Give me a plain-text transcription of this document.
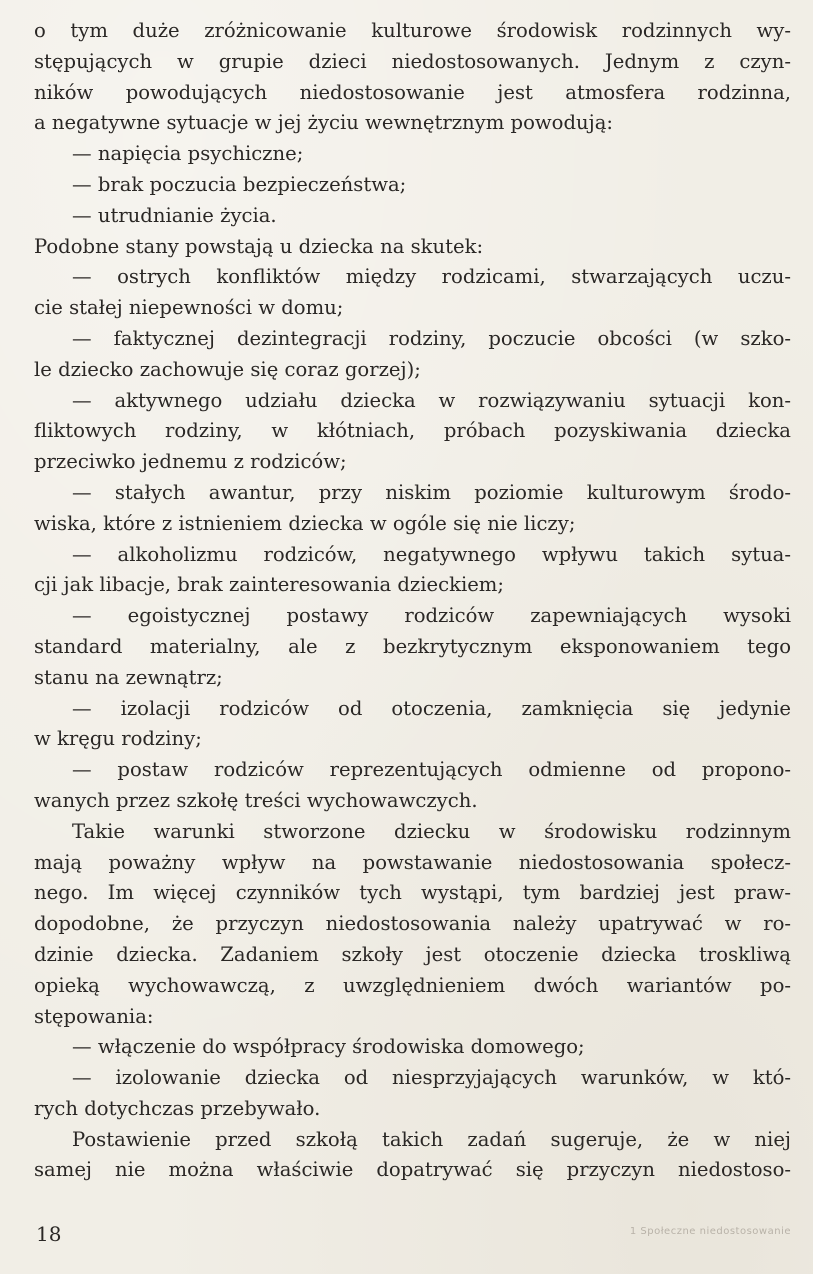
o tym duże zróżnicowanie kulturowe środowisk rodzinnych wy-
stępujących w grupie dzieci niedostosowanych. Jednym z czyn-
ników powodujących niedostosowanie jest atmosfera rodzinna,
a negatywne sytuacje w jej życiu wewnętrznym powodują:
— napięcia psychiczne;
— brak poczucia bezpieczeństwa;
— utrudnianie życia.
Podobne stany powstają u dziecka na skutek:
— ostrych konfliktów między rodzicami, stwarzających uczu-
cie stałej niepewności w domu;
— faktycznej dezintegracji rodziny, poczucie obcości (w szko-
le dziecko zachowuje się coraz gorzej);
— aktywnego udziału dziecka w rozwiązywaniu sytuacji kon-
fliktowych rodziny, w kłótniach, próbach pozyskiwania dziecka
przeciwko jednemu z rodziców;
— stałych awantur, przy niskim poziomie kulturowym środo-
wiska, które z istnieniem dziecka w ogóle się nie liczy;
— alkoholizmu rodziców, negatywnego wpływu takich sytua-
cji jak libacje, brak zainteresowania dzieckiem;
— egoistycznej postawy rodziców zapewniających wysoki
standard materialny, ale z bezkrytycznym eksponowaniem tego
stanu na zewnątrz;
— izolacji rodziców od otoczenia, zamknięcia się jedynie
w kręgu rodziny;
— postaw rodziców reprezentujących odmienne od propono-
wanych przez szkołę treści wychowawczych.
Takie warunki stworzone dziecku w środowisku rodzinnym
mają poważny wpływ na powstawanie niedostosowania społecz-
nego. Im więcej czynników tych wystąpi, tym bardziej jest praw-
dopodobne, że przyczyn niedostosowania należy upatrywać w ro-
dzinie dziecka. Zadaniem szkoły jest otoczenie dziecka troskliwą
opieką wychowawczą, z uwzględnieniem dwóch wariantów po-
stępowania:
— włączenie do współpracy środowiska domowego;
— izolowanie dziecka od niesprzyjających warunków, w któ-
rych dotychczas przebywało.
Postawienie przed szkołą takich zadań sugeruje, że w niej
samej nie można właściwie dopatrywać się przyczyn niedostoso-
18	1 Społeczne niedostosowanie
